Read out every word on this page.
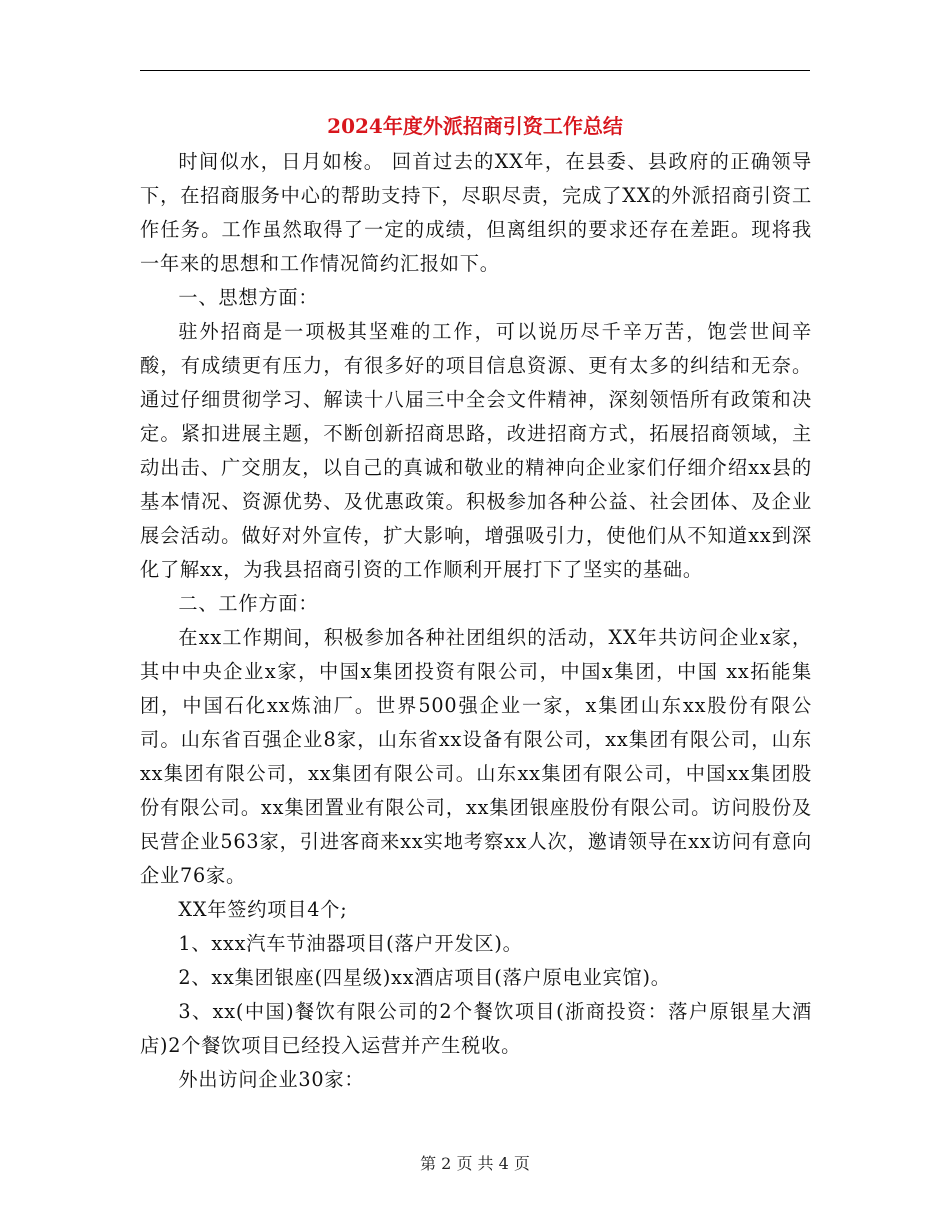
2024年度外派招商引资工作总结

时间似水，日月如梭。 回首过去的XX年，在县委、县政府的正确领导下，在招商服务中心的帮助支持下，尽职尽责，完成了XX的外派招商引资工作任务。工作虽然取得了一定的成绩，但离组织的要求还存在差距。现将我一年来的思想和工作情况简约汇报如下。

一、思想方面：

驻外招商是一项极其坚难的工作，可以说历尽千辛万苦，饱尝世间辛酸，有成绩更有压力，有很多好的项目信息资源、更有太多的纠结和无奈。通过仔细贯彻学习、解读十八届三中全会文件精神，深刻领悟所有政策和决定。紧扣进展主题，不断创新招商思路，改进招商方式，拓展招商领域，主动出击、广交朋友，以自己的真诚和敬业的精神向企业家们仔细介绍xx县的基本情况、资源优势、及优惠政策。积极参加各种公益、社会团体、及企业展会活动。做好对外宣传，扩大影响，增强吸引力，使他们从不知道xx到深化了解xx，为我县招商引资的工作顺利开展打下了坚实的基础。

二、工作方面：

在xx工作期间，积极参加各种社团组织的活动，XX年共访问企业x家，其中中央企业x家，中国x集团投资有限公司，中国x集团，中国 xx拓能集团，中国石化xx炼油厂。世界500强企业一家，x集团山东xx股份有限公司。山东省百强企业8家，山东省xx设备有限公司，xx集团有限公司，山东xx集团有限公司，xx集团有限公司。山东xx集团有限公司，中国xx集团股份有限公司。xx集团置业有限公司，xx集团银座股份有限公司。访问股份及民营企业563家，引进客商来xx实地考察xx人次，邀请领导在xx访问有意向企业76家。

XX年签约项目4个;

1、xxx汽车节油器项目(落户开发区)。

2、xx集团银座(四星级)xx酒店项目(落户原电业宾馆)。

3、xx(中国)餐饮有限公司的2个餐饮项目(浙商投资：落户原银星大酒店)2个餐饮项目已经投入运营并产生税收。

外出访问企业30家：

第 2 页 共 4 页
